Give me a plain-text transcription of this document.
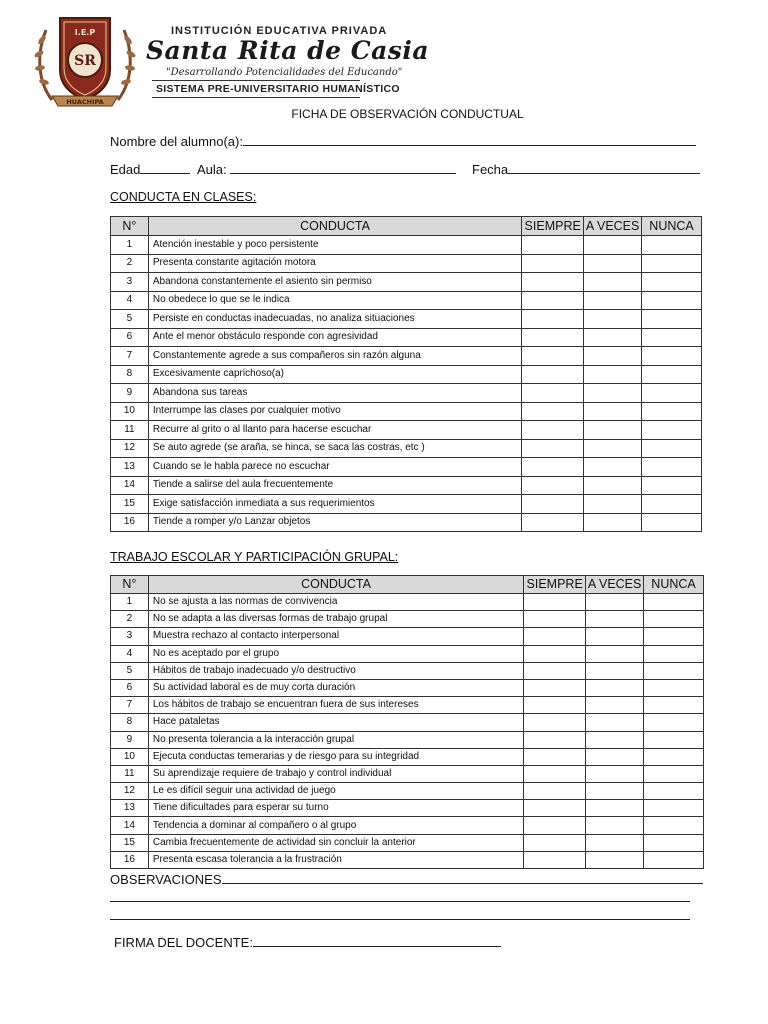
SR
I.E.P
HUACHIPA
INSTITUCIÓN EDUCATIVA PRIVADA
Santa Rita de Casia
"Desarrollando Potencialidades del Educando"
SISTEMA PRE-UNIVERSITARIO HUMANÍSTICO
FICHA DE OBSERVACIÓN CONDUCTUAL
Nombre del alumno(a):
Edad	Aula:	Fecha
CONDUCTA EN CLASES:
N°	CONDUCTA	SIEMPRE	A VECES	NUNCA
1	Atención inestable y poco persistente			
2	Presenta constante agitación motora			
3	Abandona constantemente el asiento sin permiso			
4	No obedece lo que se le indica			
5	Persiste en conductas inadecuadas, no analiza situaciones			
6	Ante el menor obstáculo responde con agresividad			
7	Constantemente agrede a sus compañeros sin razón alguna			
8	Excesivamente caprichoso(a)			
9	Abandona sus tareas			
10	Interrumpe las clases por cualquier motivo			
11	Recurre al grito o al llanto para hacerse escuchar			
12	Se auto agrede (se araña, se hinca, se saca las costras, etc )			
13	Cuando se le habla parece no escuchar			
14	Tiende a salirse del aula frecuentemente			
15	Exige satisfacción inmediata a sus requerimientos			
16	Tiende a romper y/o Lanzar objetos			
TRABAJO ESCOLAR Y PARTICIPACIÓN GRUPAL:
N°	CONDUCTA	SIEMPRE	A VECES	NUNCA
1	No se ajusta a las normas de convivencia			
2	No se adapta a las diversas formas de trabajo grupal			
3	Muestra rechazo al contacto interpersonal			
4	No es aceptado por el grupo			
5	Hábitos de trabajo inadecuado y/o destructivo			
6	Su actividad laboral es de muy corta duración			
7	Los hábitos de trabajo se encuentran fuera de sus intereses			
8	Hace pataletas			
9	No presenta tolerancia a la interacción grupal			
10	Ejecuta conductas temerarias y de riesgo para su integridad			
11	Su aprendizaje requiere de trabajo y control individual			
12	Le es difícil seguir una actividad de juego			
13	Tiene dificultades para esperar su turno			
14	Tendencia a dominar al compañero o al grupo			
15	Cambia frecuentemente de actividad sin concluir la anterior			
16	Presenta escasa tolerancia a la frustración			
OBSERVACIONES
FIRMA DEL DOCENTE:
